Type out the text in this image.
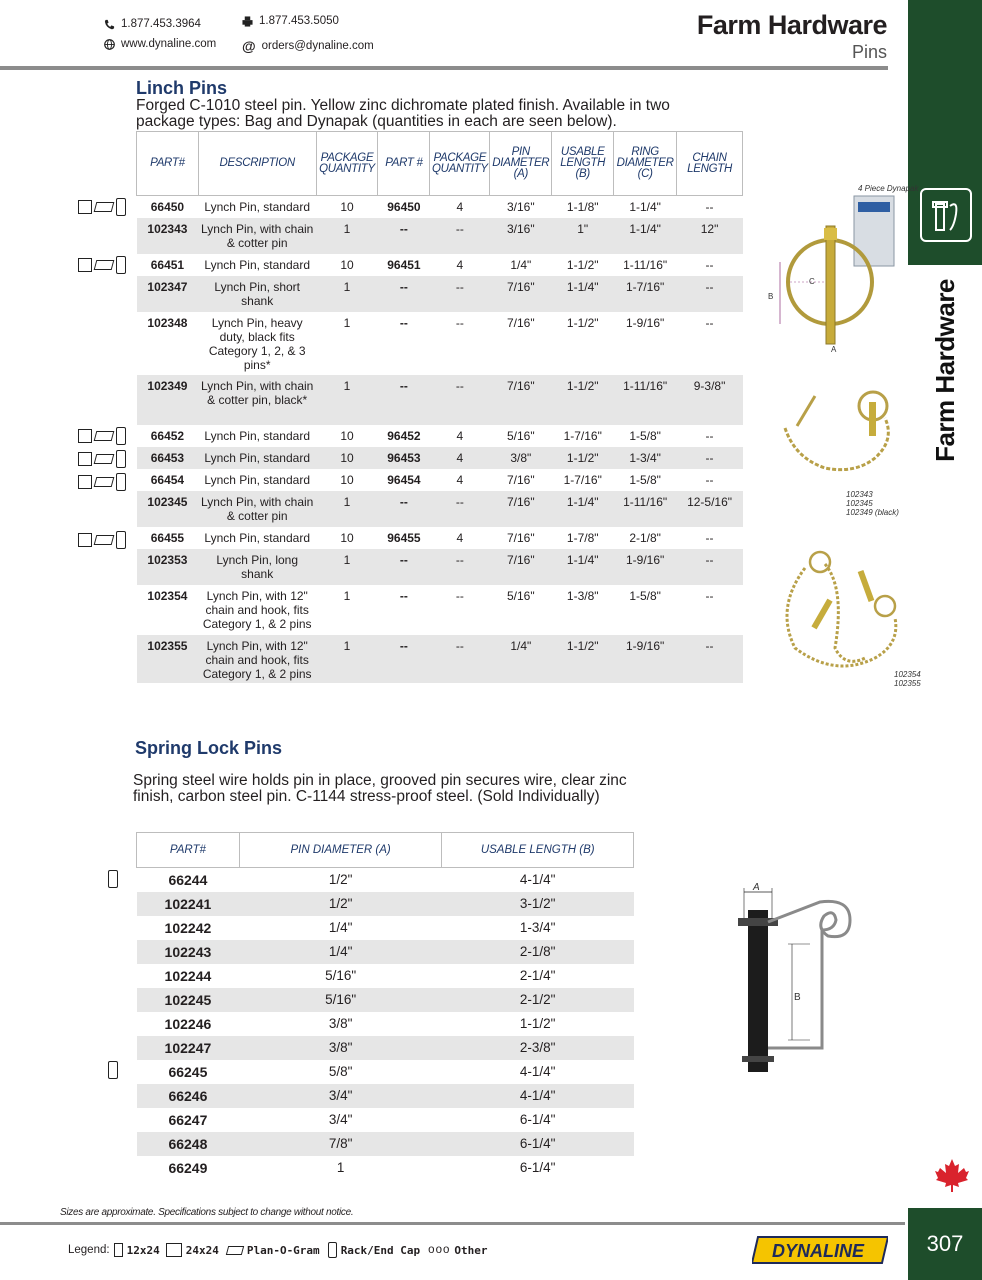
1.877.453.3964	1.877.453.5050
www.dynaline.com @ orders@dynaline.com
Farm Hardware
Pins
Farm Hardware
Linch Pins
Forged C-1010 steel pin. Yellow zinc dichromate plated finish. Available in two package types: Bag and Dynapak (quantities in each are seen below).
PART#	DESCRIPTION	PACKAGE QUANTITY	PART #	PACKAGE QUANTITY	PIN DIAMETER (A)	USABLE LENGTH (B)	RING DIAMETER (C)	CHAIN LENGTH
66450	Lynch Pin, standard	10	96450	4	3/16"	1-1/8"	1-1/4"	--
102343	Lynch Pin, with chain & cotter pin	1	--	--	3/16"	1"	1-1/4"	12"
66451	Lynch Pin, standard	10	96451	4	1/4"	1-1/2"	1-11/16"	--
102347	Lynch Pin, short shank	1	--	--	7/16"	1-1/4"	1-7/16"	--
102348	Lynch Pin, heavy duty, black fits Category 1, 2, & 3 pins*	1	--	--	7/16"	1-1/2"	1-9/16"	--
102349	Lynch Pin, with chain & cotter pin, black*	1	--	--	7/16"	1-1/2"	1-11/16"	9-3/8"
66452	Lynch Pin, standard	10	96452	4	5/16"	1-7/16"	1-5/8"	--
66453	Lynch Pin, standard	10	96453	4	3/8"	1-1/2"	1-3/4"	--
66454	Lynch Pin, standard	10	96454	4	7/16"	1-7/16"	1-5/8"	--
102345	Lynch Pin, with chain & cotter pin	1	--	--	7/16"	1-1/4"	1-11/16"	12-5/16"
66455	Lynch Pin, standard	10	96455	4	7/16"	1-7/8"	2-1/8"	--
102353	Lynch Pin, long shank	1	--	--	7/16"	1-1/4"	1-9/16"	--
102354	Lynch Pin, with 12" chain and hook, fits Category 1, & 2 pins	1	--	--	5/16"	1-3/8"	1-5/8"	--
102355	Lynch Pin, with 12" chain and hook, fits Category 1, & 2 pins	1	--	--	1/4"	1-1/2"	1-9/16"	--
4 Piece Dynapak
B
C
A
102343
102345
102349 (black)
102354
102355
Spring Lock Pins
Spring steel wire holds pin in place, grooved pin secures wire, clear zinc finish, carbon steel pin. C-1144 stress-proof steel. (Sold Individually)
PART#	PIN DIAMETER (A)	USABLE LENGTH (B)
66244	1/2"	4-1/4"
102241	1/2"	3-1/2"
102242	1/4"	1-3/4"
102243	1/4"	2-1/8"
102244	5/16"	2-1/4"
102245	5/16"	2-1/2"
102246	3/8"	1-1/2"
102247	3/8"	2-3/8"
66245	5/8"	4-1/4"
66246	3/4"	4-1/4"
66247	3/4"	6-1/4"
66248	7/8"	6-1/4"
66249	1	6-1/4"
A
B
Sizes are approximate. Specifications subject to change without notice.
Legend: 12x24 24x24	Plan-O-Gram Rack/End Cap ooo Other	DYNALINE	307
